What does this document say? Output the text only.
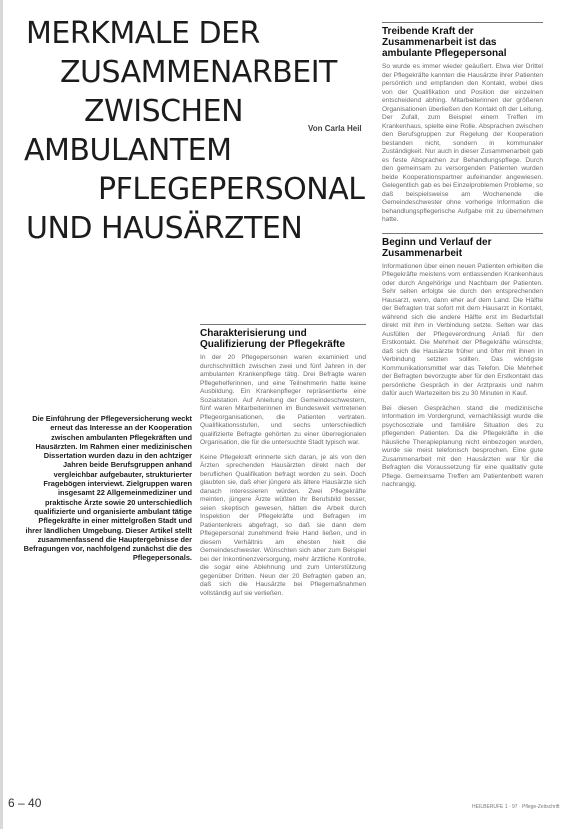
MERKMALE DER
ZUSAMMENARBEIT
ZWISCHEN
AMBULANTEM
PFLEGEPERSONAL
UND HAUSÄRZTEN
Von Carla Heil
Treibende Kraft der Zusammenarbeit ist das ambulante Pflegepersonal

So wurde es immer wieder geäußert. Etwa vier Drittel der Pflegekräfte kannten die Hausärzte ihrer Patienten persönlich und empfanden den Kontakt, wobei dies von der Qualifikation und Position der einzelnen entscheidend abhing. Mitarbeiterinnen der größeren Organisationen überließen den Kontakt oft der Leitung. Der Zufall, zum Beispiel einem Treffen im Krankenhaus, spielte eine Rolle. Absprachen zwischen den Berufsgruppen zur Regelung der Kooperation bestanden nicht, sondern in kommunaler Zuständigkeit. Nur auch in dieser Zusammenarbeit gab es feste Absprachen zur Behandlungspflege. Durch den gemeinsam zu versorgenden Patienten wurden beide Kooperationspartner aufeinander angewiesen. Gelegentlich gab es bei Einzelproblemen Probleme, so daß beispielsweise am Wochenende die Gemeindeschwester ohne vorherige Information die behandlungspflegerische Aufgabe mit zu übernehmen hatte.

Beginn und Verlauf der Zusammenarbeit

Informationen über einen neuen Patienten erhielten die Pflegekräfte meistens vom entlassenden Krankenhaus oder durch Angehörige und Nachbarn der Patienten. Sehr selten erfolgte sie durch den entsprechenden Hausarzt, wenn, dann eher auf dem Land. Die Hälfte der Befragten trat sofort mit dem Hausarzt in Kontakt, während sich die andere Hälfte erst im Bedarfsfall direkt mit ihm in Verbindung setzte. Selten war das Ausfüllen der Pflegeverordnung Anlaß für den Erstkontakt. Die Mehrheit der Pflegekräfte wünschte, daß sich die Hausärzte früher und öfter mit ihnen in Verbindung setzten sollten. Das wichtigste Kommunikationsmittel war das Telefon. Die Mehrheit der Befragten bevorzugte aber für den Erstkontakt das persönliche Gespräch in der Arztpraxis und nahm dafür auch Wartezeiten bis zu 30 Minuten in Kauf.

Bei diesen Gesprächen stand die medizinische Information im Vordergrund, vernachlässigt wurde die psychosoziale und familiäre Situation des zu pflegenden Patienten. Da die Pflegekräfte in die häusliche Therapieplanung nicht einbezogen wurden, wurde sie meist telefonisch besprochen. Eine gute Zusammenarbeit mit den Hausärzten war für die Befragten die Voraussetzung für eine qualitativ gute Pflege. Gemeinsame Treffen am Patientenbett waren nachrangig.

Charakterisierung und Qualifizierung der Pflegekräfte

In der 20 Pflegepersonen waren examiniert und durchschnittlich zwischen zwei und fünf Jahren in der ambulanten Krankenpflege tätig. Drei Befragte waren Pflegehelferinnen, und eine Teilnehmerin hatte keine Ausbildung. Ein Krankenpfleger repräsentierte eine Sozialstation. Auf Anleitung der Gemeindeschwestern, fünf waren Mitarbeiterinnen im Bundesweit vertretenen Pflegeorganisationen, die Patienten vertraten. Qualifikationsstufen, und sechs unterschiedlich qualifizierte Befragte gehörten zu einer überregionalen Organisation, die für die untersuchte Stadt typisch war.

Keine Pflegekraft erinnerte sich daran, je als von den Ärzten sprechenden Hausärzten direkt nach der beruflichen Qualifikation befragt worden zu sein. Doch glaubten sie, daß eher jüngere als ältere Hausärzte sich danach interessieren würden. Zwei Pflegekräfte meinten, jüngere Ärzte wüßten ihr Berufsbild besser, seien skeptisch gewesen, hätten die Arbeit durch Inspektion der Pflegekräfte und Befragen im Patientenkreis abgefragt, so daß sie dann dem Pflegepersonal zunehmend freie Hand ließen, und in diesem Verhältnis am ehesten hielt die Gemeindeschwester. Wünschten sich aber zum Beispiel bei der Inkontinenzversorgung, mehr ärztliche Kontrolle, die sogar eine Ablehnung und zum Unterstützung gegenüber Dritten. Neun der 20 Befragten gaben an, daß sich die Hausärzte bei Pflegemaßnahmen vollständig auf sie verließen.

Die Einführung der Pflegeversicherung weckt erneut das Interesse an der Kooperation zwischen ambulanten Pflegekräften und Hausärzten. Im Rahmen einer medizinischen Dissertation wurden dazu in den achtziger Jahren beide Berufsgruppen anhand vergleichbar aufgebauter, strukturierter Fragebögen interviewt. Zielgruppen waren insgesamt 22 Allgemeinmediziner und praktische Ärzte sowie 20 unterschiedlich qualifizierte und organisierte ambulant tätige Pflegekräfte in einer mittelgroßen Stadt und ihrer ländlichen Umgebung. Dieser Artikel stellt zusammenfassend die Hauptergebnisse der Befragungen vor, nachfolgend zunächst die des Pflegepersonals.
6 – 40	HEILBERUFE 1 · 97 · Pflege-Zeitschrift
